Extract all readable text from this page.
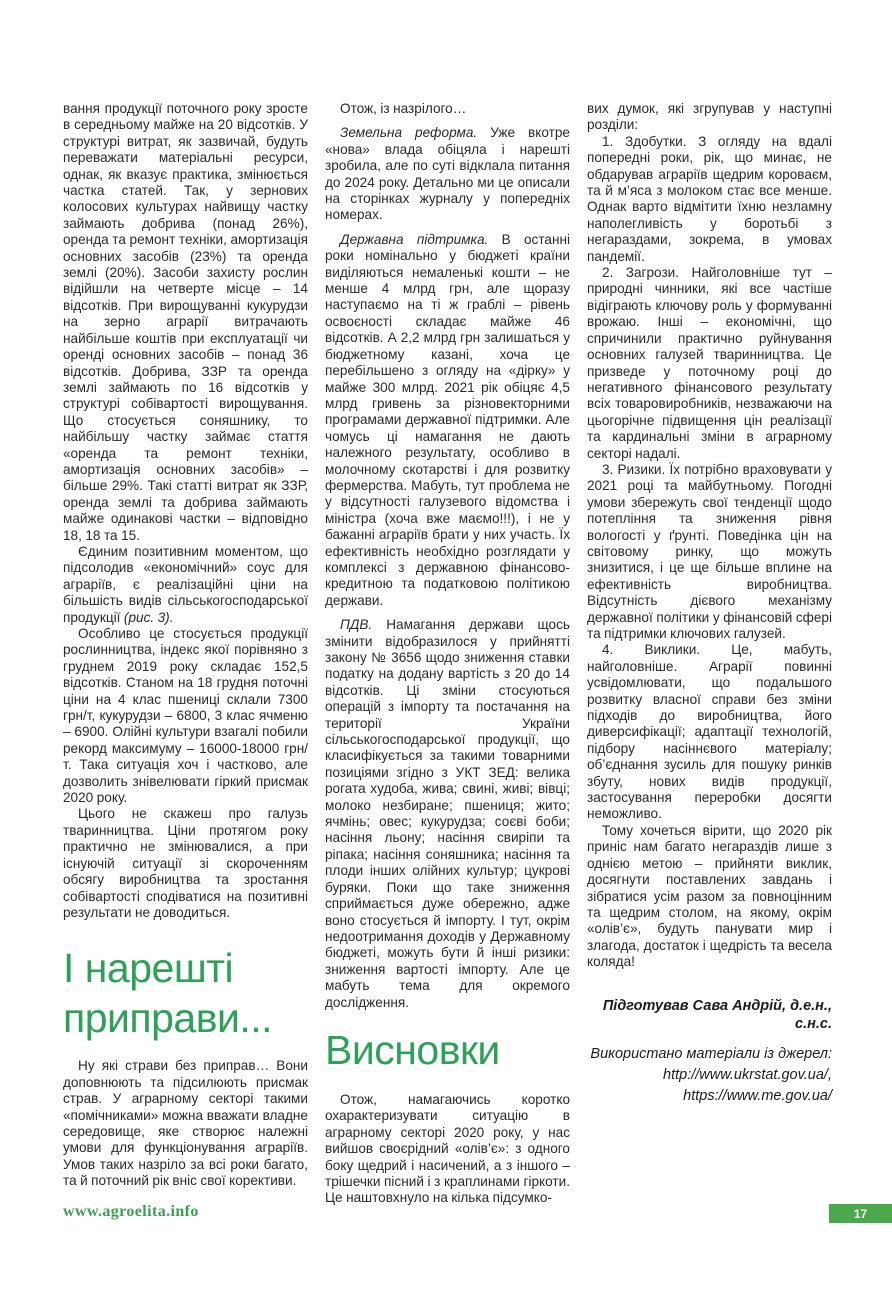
вання продукції поточного року зросте в середньому майже на 20 відсотків. У структурі витрат, як зазвичай, будуть переважати матеріальні ресурси, однак, як вказує практика, змінюється частка статей. Так, у зернових колосових культурах найвищу частку займають добрива (понад 26%), оренда та ремонт техніки, амортизація основних засобів (23%) та оренда землі (20%). Засоби захисту рослин відійшли на четверте місце – 14 відсотків. При вирощуванні кукурудзи на зерно аграрії витрачають найбільше коштів при експлуатації чи оренді основних засобів – понад 36 відсотків. Добрива, ЗЗР та оренда землі займають по 16 відсотків у структурі собівартості вирощування. Що стосується соняшнику, то найбільшу частку займає стаття «оренда та ремонт техніки, амортизація основних засобів» – більше 29%. Такі статті витрат як ЗЗР, оренда землі та добрива займають майже одинакові частки – відповідно 18, 18 та 15.

Єдиним позитивним моментом, що підсолодив «економічний» соус для аграріїв, є реалізаційні ціни на більшість видів сільськогосподарської продукції (рис. 3).

Особливо це стосується продукції рослинництва, індекс якої порівняно з груднем 2019 року складає 152,5 відсотків. Станом на 18 грудня поточні ціни на 4 клас пшениці склали 7300 грн/т, кукурудзи – 6800, 3 клас ячменю – 6900. Олійні культури взагалі побили рекорд максимуму – 16000-18000 грн/т. Така ситуація хоч і частково, але дозволить знівелювати гіркий присмак 2020 року.

Цього не скажеш про галузь тваринництва. Ціни протягом року практично не змінювалися, а при існуючій ситуації зі скороченням обсягу виробництва та зростання собівартості сподіватися на позитивні результати не доводиться.

І нарешті приправи...

Ну які страви без приправ… Вони доповнюють та підсилюють присмак страв. У аграрному секторі такими «помічниками» можна вважати владне середовище, яке створює належні умови для функціонування аграріїв. Умов таких назріло за всі роки багато, та й поточний рік вніс свої корективи.

www.agroelita.info

Отож, із назрілого…

Земельна реформа. Уже вкотре «нова» влада обіцяла і нарешті зробила, але по суті відклала питання до 2024 року. Детально ми це описали на сторінках журналу у попередніх номерах.

Державна підтримка. В останні роки номінально у бюджеті країни виділяються немаленькі кошти – не менше 4 млрд грн, але щоразу наступаємо на ті ж граблі – рівень освоєності складає майже 46 відсотків. А 2,2 млрд грн залишаться у бюджетному казані, хоча це перебільшено з огляду на «дірку» у майже 300 млрд. 2021 рік обіцяє 4,5 млрд гривень за різновекторними програмами державної підтримки. Але чомусь ці намагання не дають належного результату, особливо в молочному скотарстві і для розвитку фермерства. Мабуть, тут проблема не у відсутності галузевого відомства і міністра (хоча вже маємо!!!), і не у бажанні аграріїв брати у них участь. Їх ефективність необхідно розглядати у комплексі з державною фінансово-кредитною та податковою політикою держави.

ПДВ. Намагання держави щось змінити відобразилося у прийнятті закону № 3656 щодо зниження ставки податку на додану вартість з 20 до 14 відсотків. Ці зміни стосуються операцій з імпорту та постачання на території України сільськогосподарської продукції, що класифікується за такими товарними позиціями згідно з УКТ ЗЕД: велика рогата худоба, жива; свині, живі; вівці; молоко незбиране; пшениця; жито; ячмінь; овес; кукурудза; соєві боби; насіння льону; насіння свиріпи та ріпака; насіння соняшника; насіння та плоди інших олійних культур; цукрові буряки. Поки що таке зниження сприймається дуже обережно, адже воно стосується й імпорту. І тут, окрім недоотримання доходів у Державному бюджеті, можуть бути й інші ризики: зниження вартості імпорту. Але це мабуть тема для окремого дослідження.

Висновки

Отож, намагаючись коротко охарактеризувати ситуацію в аграрному секторі 2020 року, у нас вийшов своєрідний «олів’є»: з одного боку щедрий і насичений, а з іншого – трішечки пісний і з краплинами гіркоти. Це наштовхнуло на кілька підсумко-

вих думок, які згрупував у наступні розділи:

1. Здобутки. З огляду на вдалі попередні роки, рік, що минає, не обдарував аграріїв щедрим короваєм, та й м’яса з молоком стає все менше. Однак варто відмітити їхню незламну наполегливість у боротьбі з негараздами, зокрема, в умовах пандемії.

2. Загрози. Найголовніше тут – природні чинники, які все частіше відіграють ключову роль у формуванні врожаю. Інші – економічні, що спричинили практично руйнування основних галузей тваринництва. Це призведе у поточному році до негативного фінансового результату всіх товаровиробників, незважаючи на цьогорічне підвищення цін реалізації та кардинальні зміни в аграрному секторі надалі.

3. Ризики. Їх потрібно враховувати у 2021 році та майбутньому. Погодні умови збережуть свої тенденції щодо потепління та зниження рівня вологості у ґрунті. Поведінка цін на світовому ринку, що можуть знизитися, і це ще більше вплине на ефективність виробництва. Відсутність дієвого механізму державної політики у фінансовій сфері та підтримки ключових галузей.

4. Виклики. Це, мабуть, найголовніше. Аграрії повинні усвідомлювати, що подальшого розвитку власної справи без зміни підходів до виробництва, його диверсифікації; адаптації технологій, підбору насіннєвого матеріалу; об’єднання зусиль для пошуку ринків збуту, нових видів продукції, застосування переробки досягти неможливо.

Тому хочеться вірити, що 2020 рік приніс нам багато негараздів лише з однією метою – прийняти виклик, досягнути поставлених завдань і зібратися усім разом за повноцінним та щедрим столом, на якому, окрім «олів’є», будуть панувати мир і злагода, достаток і щедрість та весела коляда!

Підготував Сава Андрій, д.е.н., с.н.с.

Використано матеріали із джерел:

http://www.ukrstat.gov.ua/,

https://www.me.gov.ua/

17
